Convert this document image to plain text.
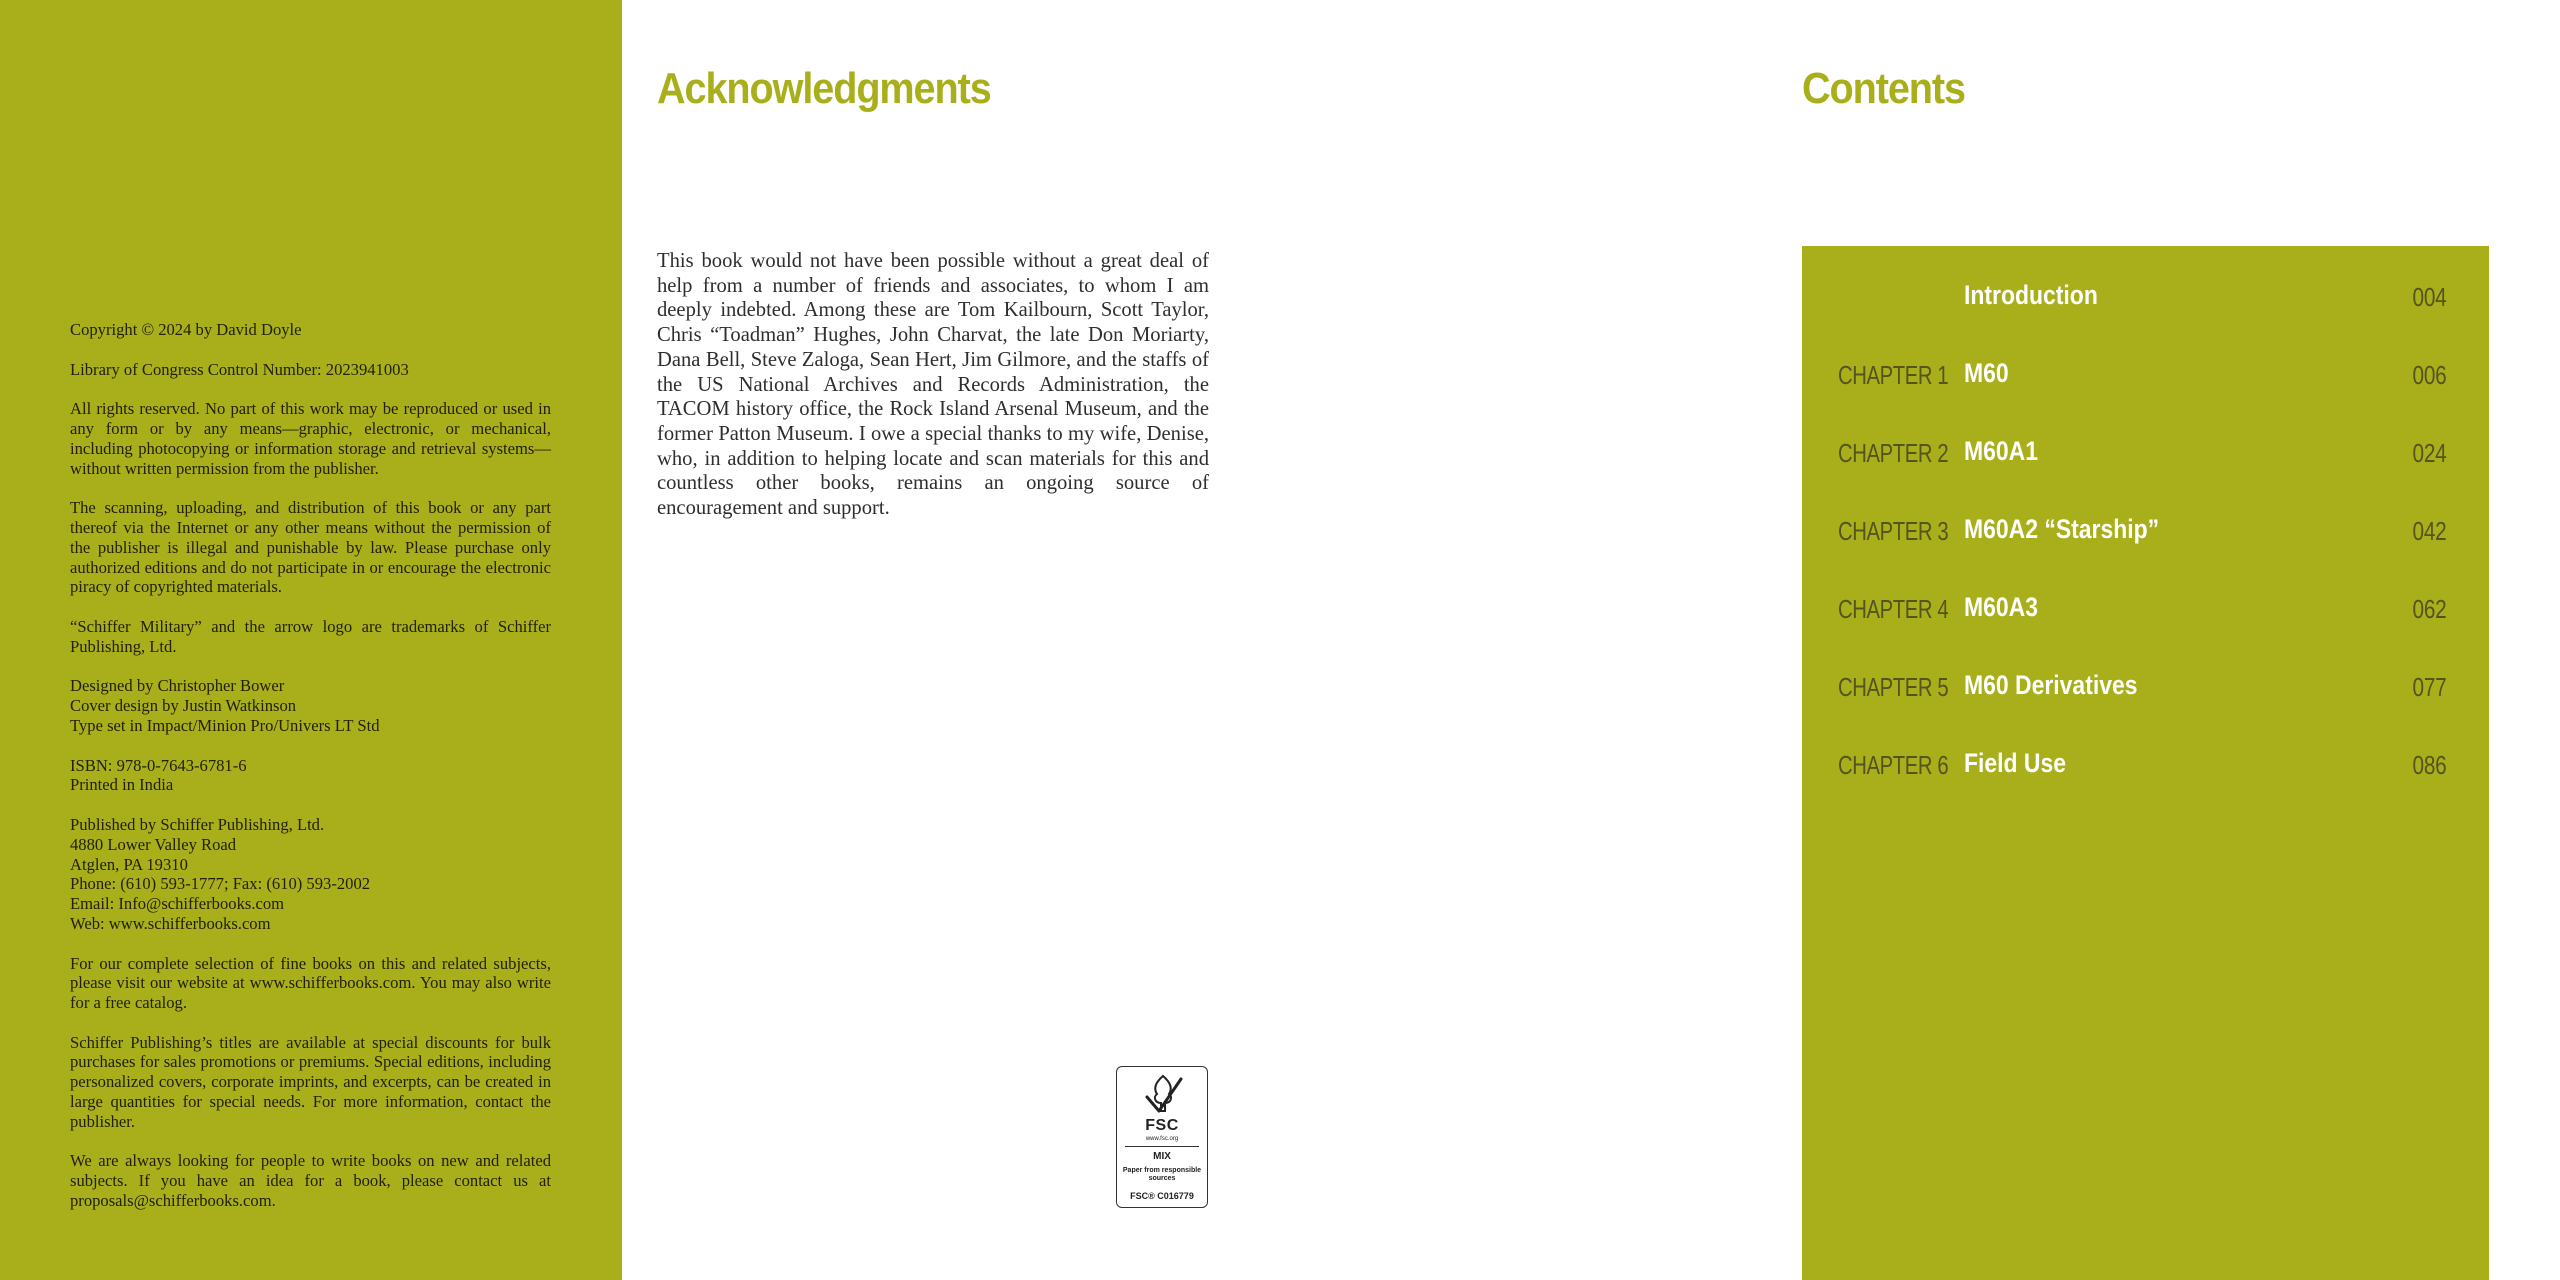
Copyright © 2024 by David Doyle

Library of Congress Control Number: 2023941003

All rights reserved. No part of this work may be reproduced or used in any form or by any means—graphic, electronic, or mechanical, including photocopying or information storage and retrieval systems—without written permission from the publisher.

The scanning, uploading, and distribution of this book or any part thereof via the Internet or any other means without the permission of the publisher is illegal and punishable by law. Please purchase only authorized editions and do not participate in or encourage the electronic piracy of copyrighted materials.

“Schiffer Military” and the arrow logo are trademarks of Schiffer Publishing, Ltd.

Designed by Christopher Bower
Cover design by Justin Watkinson
Type set in Impact/Minion Pro/Univers LT Std

ISBN: 978-0-7643-6781-6
Printed in India

Published by Schiffer Publishing, Ltd.
4880 Lower Valley Road
Atglen, PA 19310
Phone: (610) 593-1777; Fax: (610) 593-2002
Email: Info@schifferbooks.com
Web: www.schifferbooks.com

For our complete selection of fine books on this and related subjects, please visit our website at www.schifferbooks.com. You may also write for a free catalog.

Schiffer Publishing’s titles are available at special discounts for bulk purchases for sales promotions or premiums. Special editions, including personalized covers, corporate imprints, and excerpts, can be created in large quantities for special needs. For more information, contact the publisher.

We are always looking for people to write books on new and related subjects. If you have an idea for a book, please contact us at proposals@schifferbooks.com.

Acknowledgments

This book would not have been possible without a great deal of help from a number of friends and associates, to whom I am deeply indebted. Among these are Tom Kailbourn, Scott Taylor, Chris “Toadman” Hughes, John Charvat, the late Don Moriarty, Dana Bell, Steve Zaloga, Sean Hert, Jim Gilmore, and the staffs of the US National Archives and Records Administration, the TACOM history office, the Rock Island Arsenal Museum, and the former Patton Museum. I owe a special thanks to my wife, Denise, who, in addition to helping locate and scan materials for this and countless other books, remains an ongoing source of encouragement and support.

FSC
www.fsc.org
MIX
Paper from responsible sources
FSC® C016779
Contents
Introduction	004
CHAPTER 1 M60	006
CHAPTER 2 M60A1	024
CHAPTER 3 M60A2 “Starship”	042
CHAPTER 4 M60A3	062
CHAPTER 5 M60 Derivatives	077
CHAPTER 6 Field Use	086
